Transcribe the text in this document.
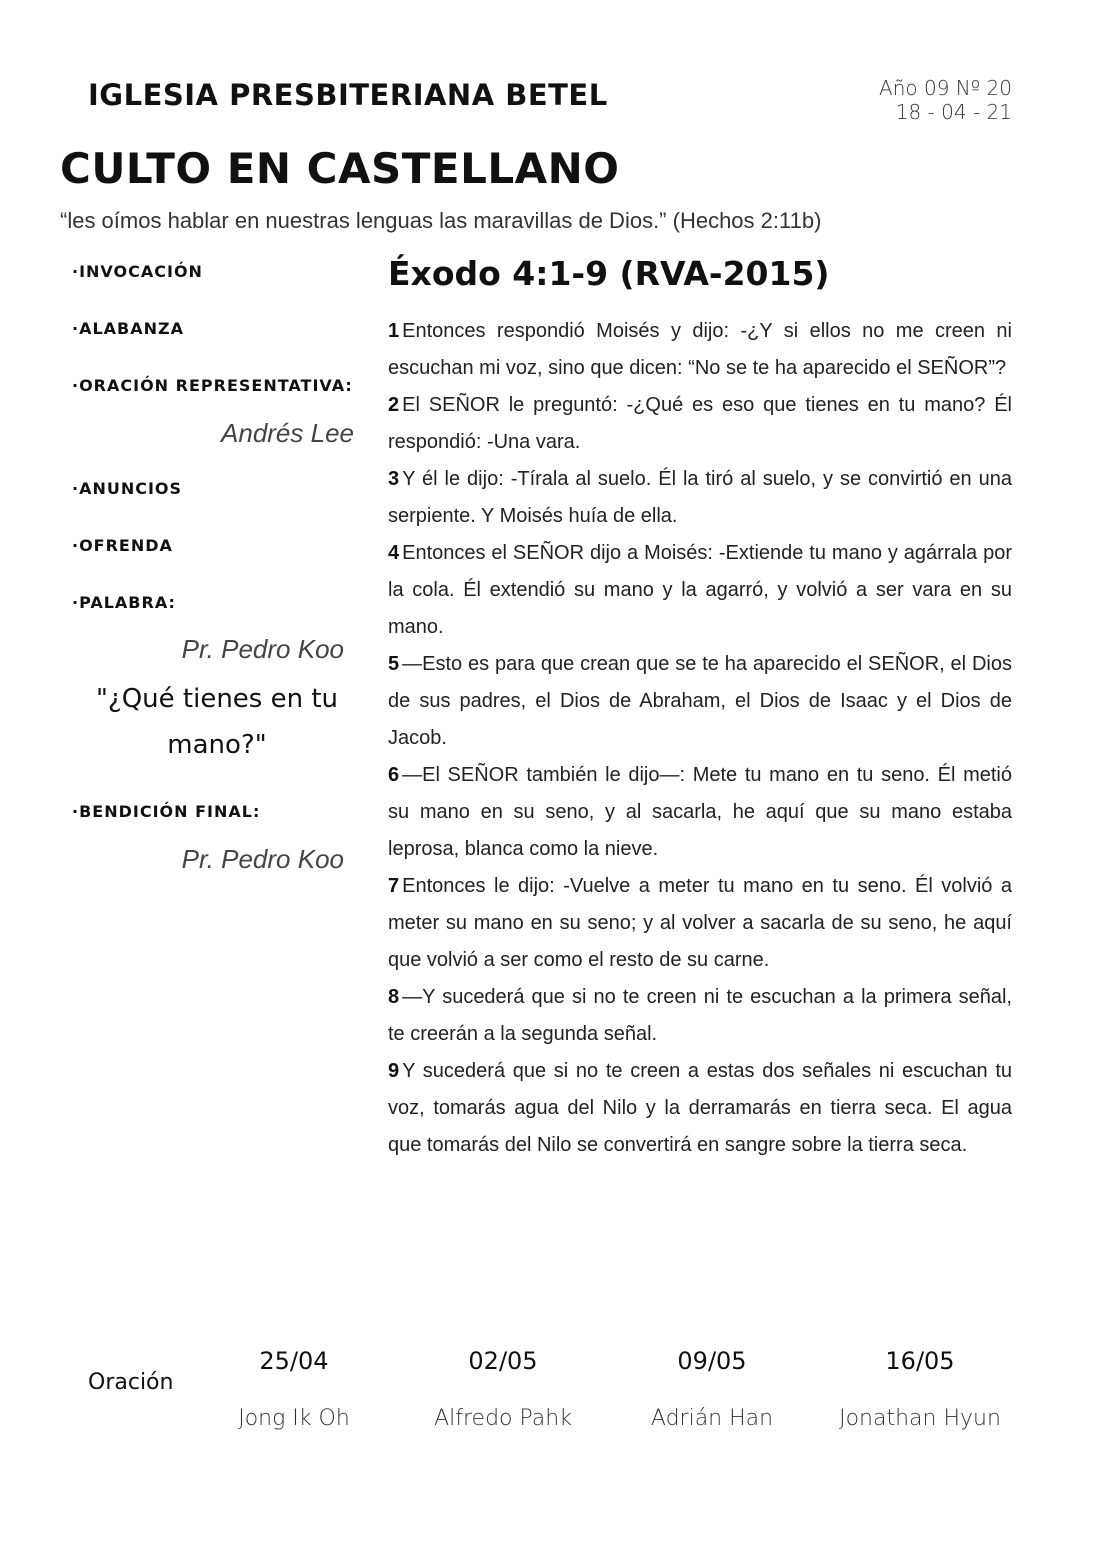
IGLESIA PRESBITERIANA BETEL	Año 09 Nº 20
18 - 04 - 21
CULTO EN CASTELLANO
“les oímos hablar en nuestras lenguas las maravillas de Dios.” (Hechos 2:11b)
·INVOCACIÓN
·ALABANZA
·ORACIÓN REPRESENTATIVA:
Andrés Lee
·ANUNCIOS
·OFRENDA
·PALABRA:
Pr. Pedro Koo
"¿Qué tienes en tu mano?"
·BENDICIÓN FINAL:
Pr. Pedro Koo
Éxodo 4:1-9 (RVA-2015)

1 Entonces respondió Moisés y dijo: -¿Y si ellos no me creen ni escuchan mi voz, sino que dicen: “No se te ha aparecido el SEÑOR”?

2 El SEÑOR le preguntó: -¿Qué es eso que tienes en tu mano? Él respondió: -Una vara.

3 Y él le dijo: -Tírala al suelo. Él la tiró al suelo, y se convirtió en una serpiente. Y Moisés huía de ella.

4 Entonces el SEÑOR dijo a Moisés: -Extiende tu mano y agárrala por la cola. Él extendió su mano y la agarró, y volvió a ser vara en su mano.

5 —Esto es para que crean que se te ha aparecido el SEÑOR, el Dios de sus padres, el Dios de Abraham, el Dios de Isaac y el Dios de Jacob.

6 —El SEÑOR también le dijo—: Mete tu mano en tu seno. Él metió su mano en su seno, y al sacarla, he aquí que su mano estaba leprosa, blanca como la nieve.

7 Entonces le dijo: -Vuelve a meter tu mano en tu seno. Él volvió a meter su mano en su seno; y al volver a sacarla de su seno, he aquí que volvió a ser como el resto de su carne.

8 —Y sucederá que si no te creen ni te escuchan a la primera señal, te creerán a la segunda señal.

9 Y sucederá que si no te creen a estas dos señales ni escuchan tu voz, tomarás agua del Nilo y la derramarás en tierra seca. El agua que tomarás del Nilo se convertirá en sangre sobre la tierra seca.

Oración
25/04
Jong Ik Oh
02/05
Alfredo Pahk
09/05
Adrián Han
16/05
Jonathan Hyun
